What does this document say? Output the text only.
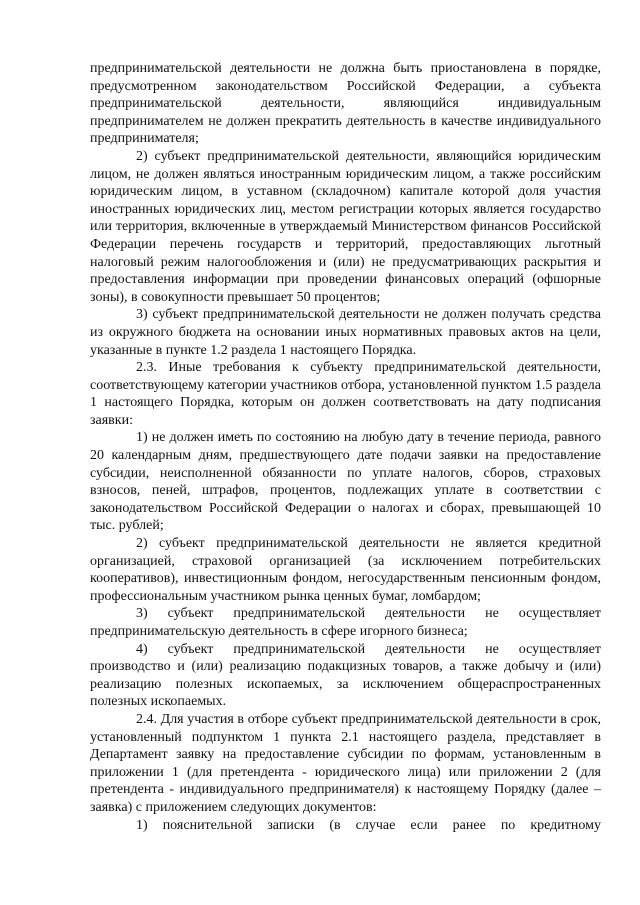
предпринимательской деятельности не должна быть приостановлена в порядке, предусмотренном законодательством Российской Федерации, а субъекта предпринимательской деятельности, являющийся индивидуальным предпринимателем не должен прекратить деятельность в качестве индивидуального предпринимателя;

2) субъект предпринимательской деятельности, являющийся юридическим лицом, не должен являться иностранным юридическим лицом, а также российским юридическим лицом, в уставном (складочном) капитале которой доля участия иностранных юридических лиц, местом регистрации которых является государство или территория, включенные в утверждаемый Министерством финансов Российской Федерации перечень государств и территорий, предоставляющих льготный налоговый режим налогообложения и (или) не предусматривающих раскрытия и предоставления информации при проведении финансовых операций (офшорные зоны), в совокупности превышает 50 процентов;

3) субъект предпринимательской деятельности не должен получать средства из окружного бюджета на основании иных нормативных правовых актов на цели, указанные в пункте 1.2 раздела 1 настоящего Порядка.

2.3. Иные требования к субъекту предпринимательской деятельности, соответствующему категории участников отбора, установленной пунктом 1.5 раздела 1 настоящего Порядка, которым он должен соответствовать на дату подписания заявки:

1) не должен иметь по состоянию на любую дату в течение периода, равного 20 календарным дням, предшествующего дате подачи заявки на предоставление субсидии, неисполненной обязанности по уплате налогов, сборов, страховых взносов, пеней, штрафов, процентов, подлежащих уплате в соответствии с законодательством Российской Федерации о налогах и сборах, превышающей 10 тыс. рублей;

2) субъект предпринимательской деятельности не является кредитной организацией, страховой организацией (за исключением потребительских кооперативов), инвестиционным фондом, негосударственным пенсионным фондом, профессиональным участником рынка ценных бумаг, ломбардом;

3) субъект предпринимательской деятельности не осуществляет предпринимательскую деятельность в сфере игорного бизнеса;

4) субъект предпринимательской деятельности не осуществляет производство и (или) реализацию подакцизных товаров, а также добычу и (или) реализацию полезных ископаемых, за исключением общераспространенных полезных ископаемых.

2.4. Для участия в отборе субъект предпринимательской деятельности в срок, установленный подпунктом 1 пункта 2.1 настоящего раздела, представляет в Департамент заявку на предоставление субсидии по формам, установленным в приложении 1 (для претендента - юридического лица) или приложении 2 (для претендента - индивидуального предпринимателя) к настоящему Порядку (далее – заявка) с приложением следующих документов:

1) пояснительной записки (в случае если ранее по кредитному
